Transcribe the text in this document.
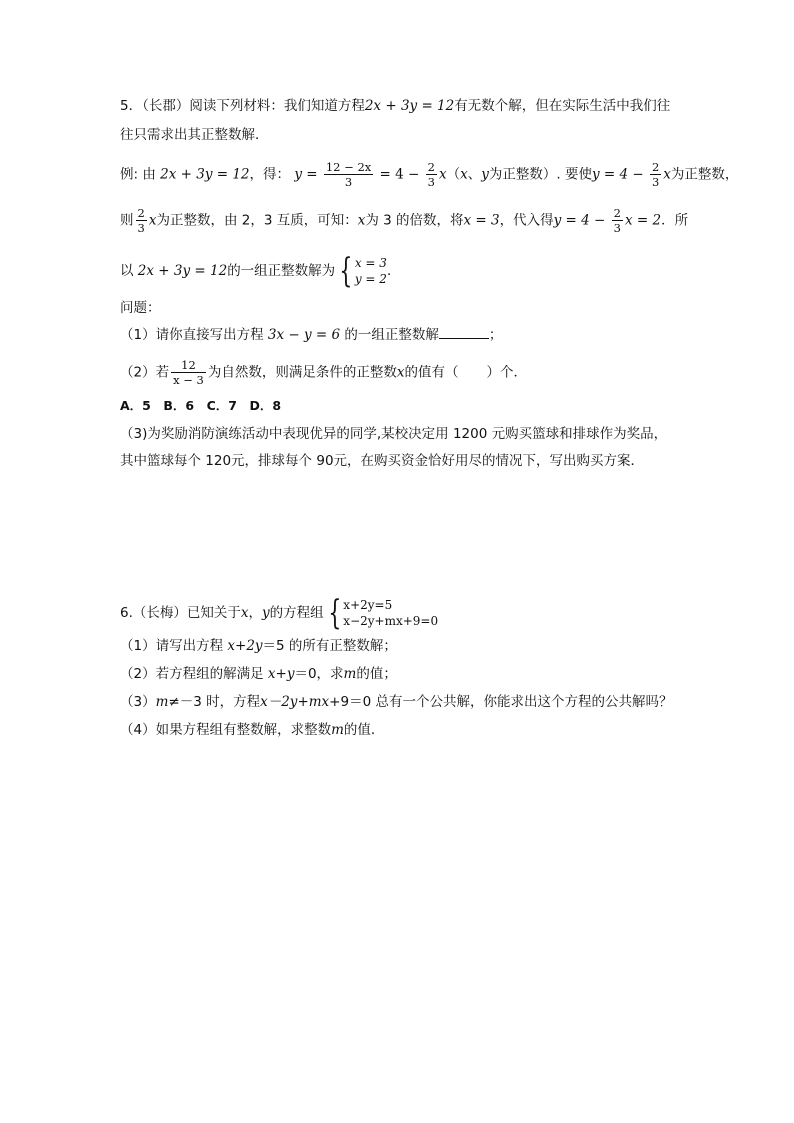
5．（长郡）阅读下列材料：我们知道方程2x + 3y = 12有无数个解，但在实际生活中我们往
往只需求出其正整数解．
例: 由 2x + 3y = 12，得： $y = \frac{12 - 2x}{3} = 4 - \frac{2}{3} x(x$、y为正整数）. 要使$y = 4 - \frac{2}{3}$ x为正整数，
则 $\frac{2}{3}$ x为正整数，由 2，3 互质，可知：x为 3 的倍数，将x = 3，代入得$y = 4 - \frac{2}{3}$ x = 2．所
以 2x + 3y = 12的一组正整数解为 { x = 3
y = 2 ．
问题：
（1）请你直接写出方程 3x − y = 6 的一组正整数解	；
（2）若 $\frac{12}{x - 3}$ 为自然数，则满足条件的正整数x的值有（ ）个．
A．5　B．6　C．7　D．8
（3)为奖励消防演练活动中表现优异的同学,某校决定用 1200 元购买篮球和排球作为奖品，
其中篮球每个 120元，排球每个 90元，在购买资金恰好用尽的情况下，写出购买方案．
6.（长梅）已知关于x，y的方程组 { x+2y=5
x−2y+mx+9=0
（1）请写出方程 x+2y＝5 的所有正整数解；
（2）若方程组的解满足 x+y＝0，求m的值；
（3）m≠－3 时，方程x－2y+mx+9＝0 总有一个公共解，你能求出这个方程的公共解吗？
（4）如果方程组有整数解，求整数m的值．
